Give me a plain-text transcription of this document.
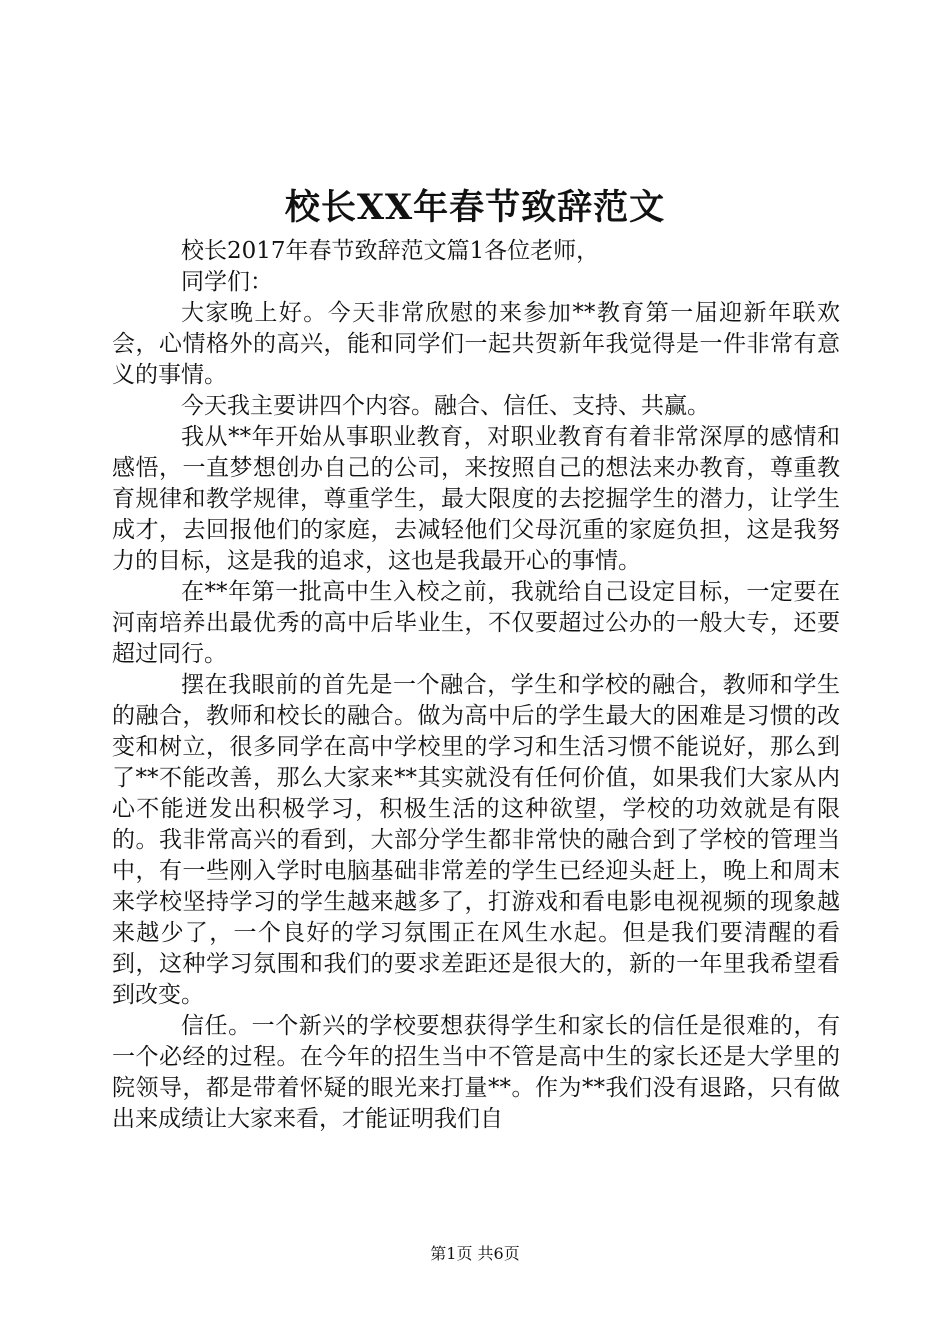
校长XX年春节致辞范文

校长2017年春节致辞范文篇1各位老师，

同学们：

大家晚上好。今天非常欣慰的来参加**教育第一届迎新年联欢会，心情格外的高兴，能和同学们一起共贺新年我觉得是一件非常有意义的事情。

今天我主要讲四个内容。融合、信任、支持、共赢。

我从**年开始从事职业教育，对职业教育有着非常深厚的感情和感悟，一直梦想创办自己的公司，来按照自己的想法来办教育，尊重教育规律和教学规律，尊重学生，最大限度的去挖掘学生的潜力，让学生成才，去回报他们的家庭，去减轻他们父母沉重的家庭负担，这是我努力的目标，这是我的追求，这也是我最开心的事情。

在**年第一批高中生入校之前，我就给自己设定目标，一定要在河南培养出最优秀的高中后毕业生，不仅要超过公办的一般大专，还要超过同行。

摆在我眼前的首先是一个融合，学生和学校的融合，教师和学生的融合，教师和校长的融合。做为高中后的学生最大的困难是习惯的改变和树立，很多同学在高中学校里的学习和生活习惯不能说好，那么到了**不能改善，那么大家来**其实就没有任何价值，如果我们大家从内心不能迸发出积极学习，积极生活的这种欲望，学校的功效就是有限的。我非常高兴的看到，大部分学生都非常快的融合到了学校的管理当中，有一些刚入学时电脑基础非常差的学生已经迎头赶上，晚上和周末来学校坚持学习的学生越来越多了，打游戏和看电影电视视频的现象越来越少了，一个良好的学习氛围正在风生水起。但是我们要清醒的看到，这种学习氛围和我们的要求差距还是很大的，新的一年里我希望看到改变。

信任。一个新兴的学校要想获得学生和家长的信任是很难的，有一个必经的过程。在今年的招生当中不管是高中生的家长还是大学里的院领导，都是带着怀疑的眼光来打量**。作为**我们没有退路，只有做出来成绩让大家来看，才能证明我们自

第1页 共6页
